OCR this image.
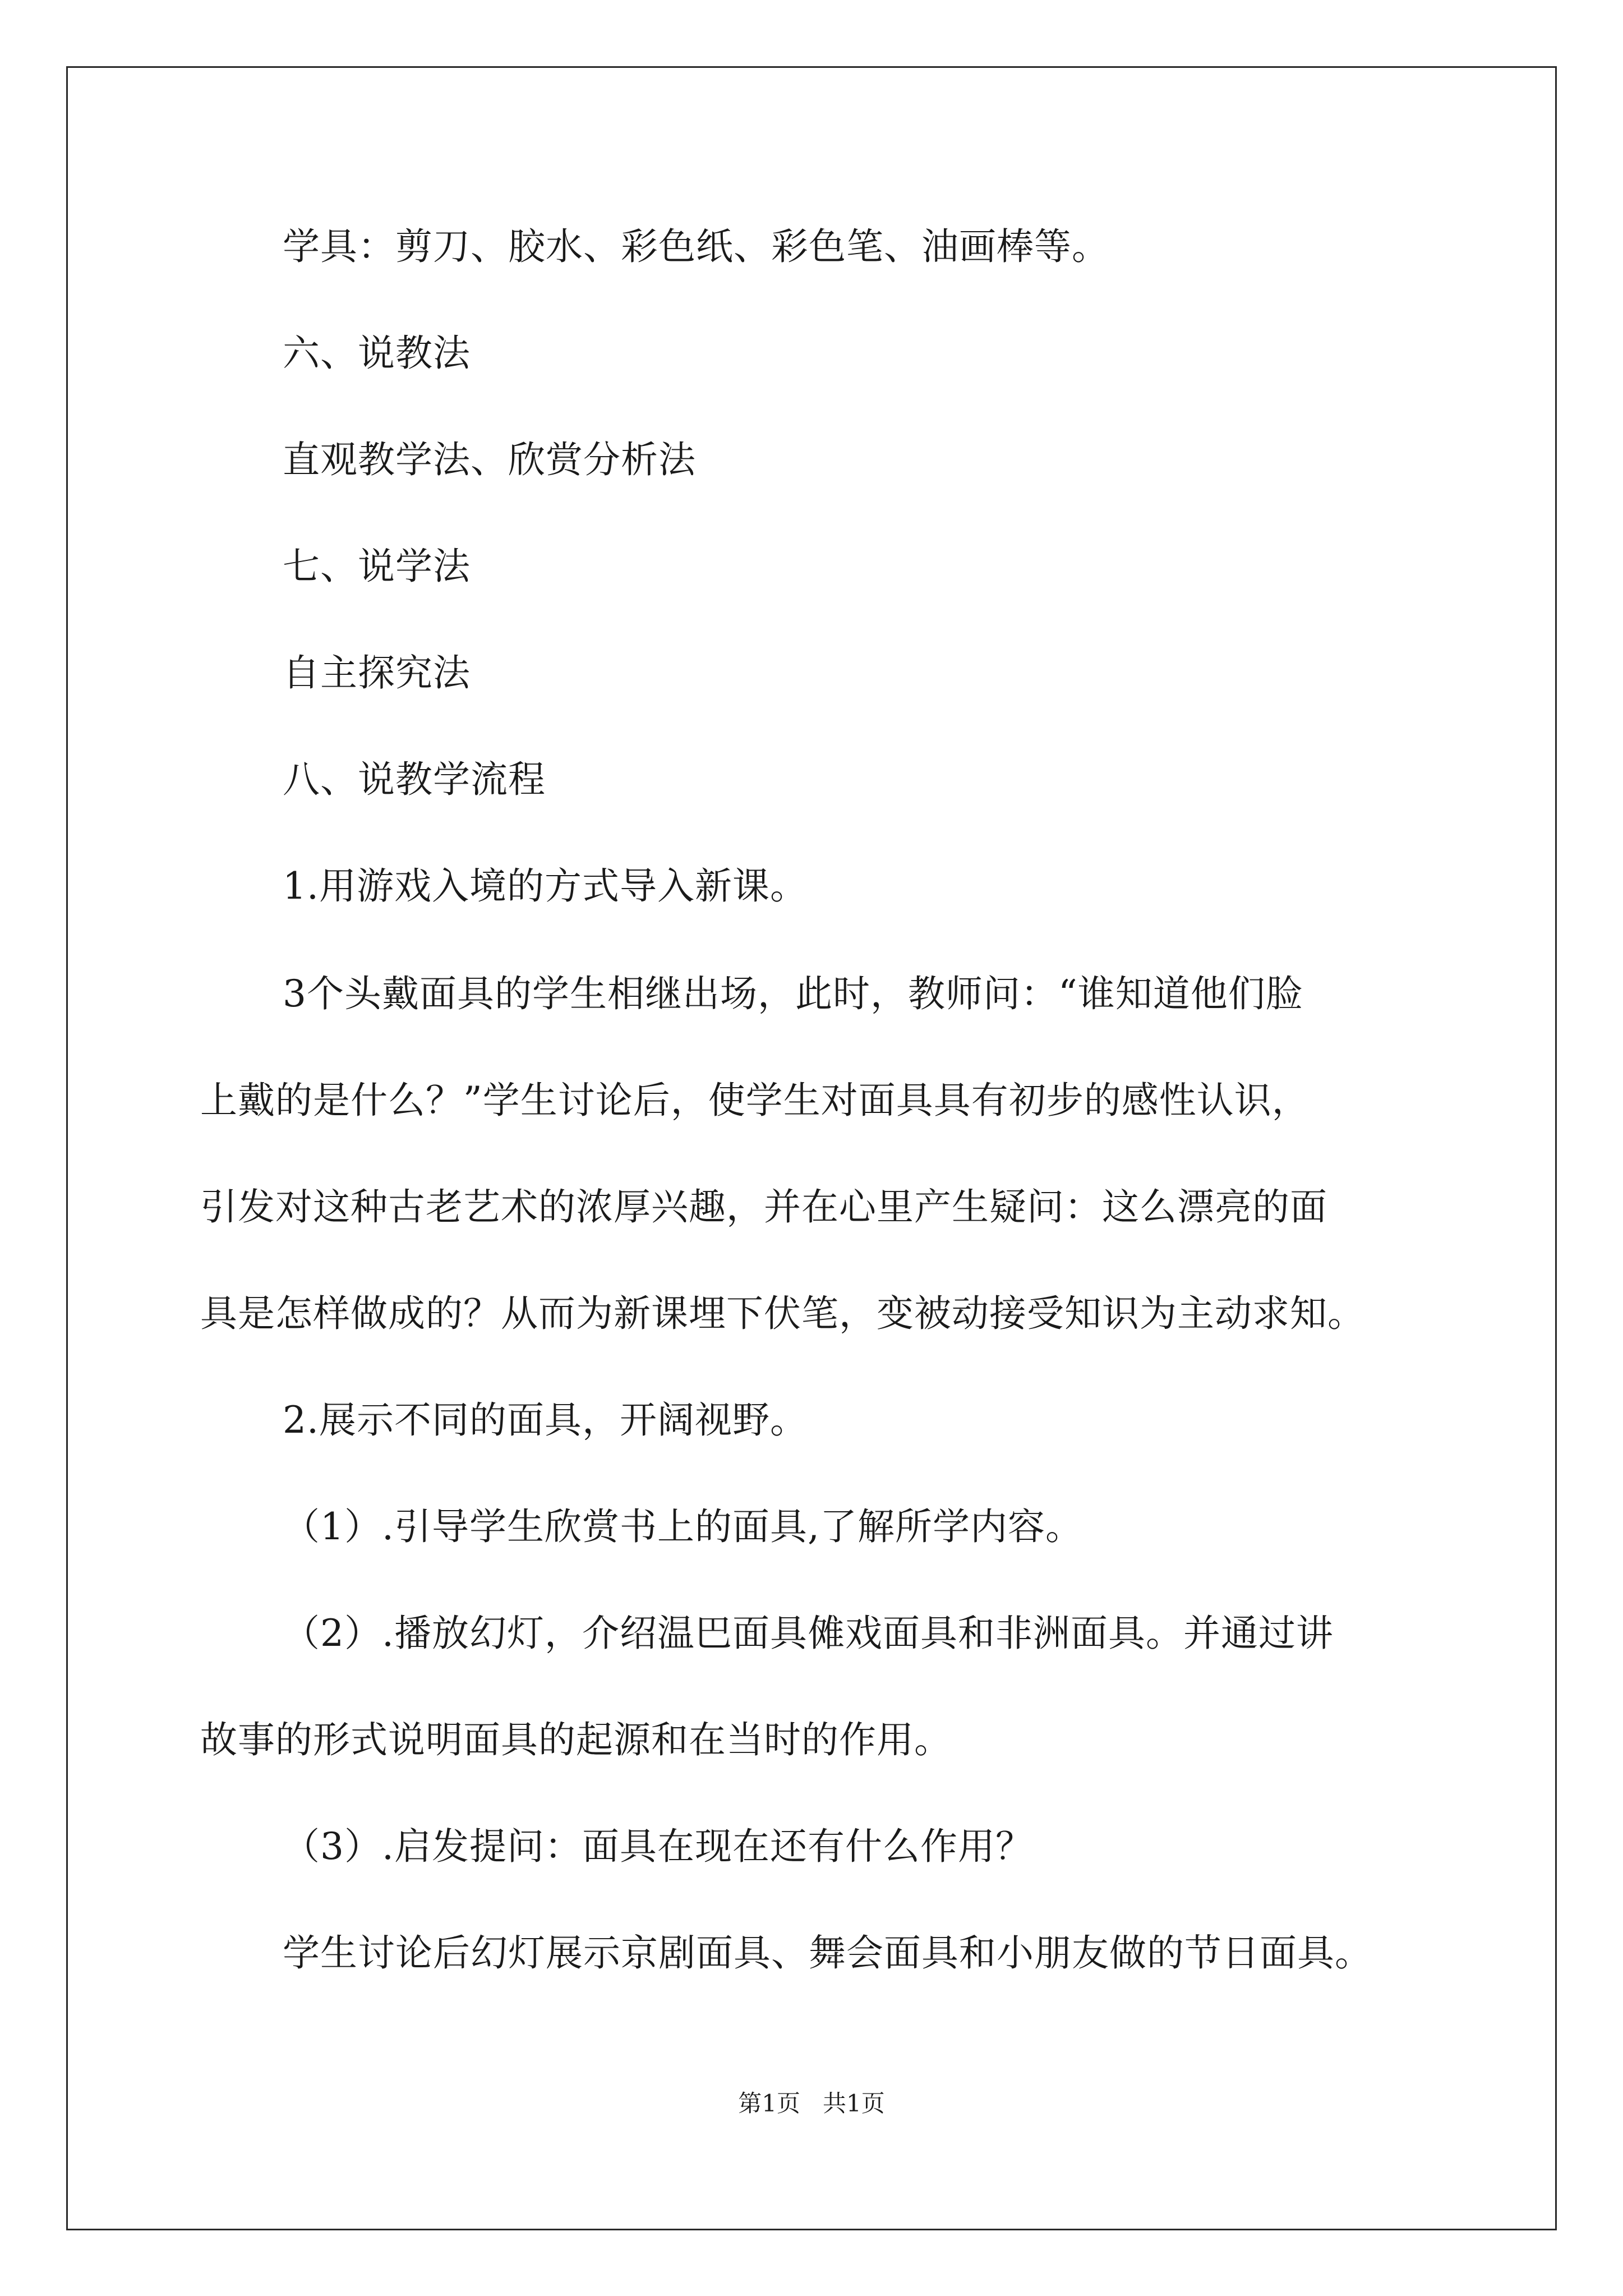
学具：剪刀、胶水、彩色纸、彩色笔、油画棒等。
六、说教法
直观教学法、欣赏分析法
七、说学法
自主探究法
八、说教学流程
1.用游戏入境的方式导入新课。
3个头戴面具的学生相继出场，此时，教师问：“谁知道他们脸
上戴的是什么？”学生讨论后，使学生对面具具有初步的感性认识，
引发对这种古老艺术的浓厚兴趣，并在心里产生疑问：这么漂亮的面
具是怎样做成的？从而为新课埋下伏笔，变被动接受知识为主动求知。
2.展示不同的面具，开阔视野。
（1）.引导学生欣赏书上的面具,了解所学内容。
（2）.播放幻灯，介绍温巴面具傩戏面具和非洲面具。并通过讲
故事的形式说明面具的起源和在当时的作用。
（3）.启发提问：面具在现在还有什么作用？
学生讨论后幻灯展示京剧面具、舞会面具和小朋友做的节日面具。
第1页   共1页
